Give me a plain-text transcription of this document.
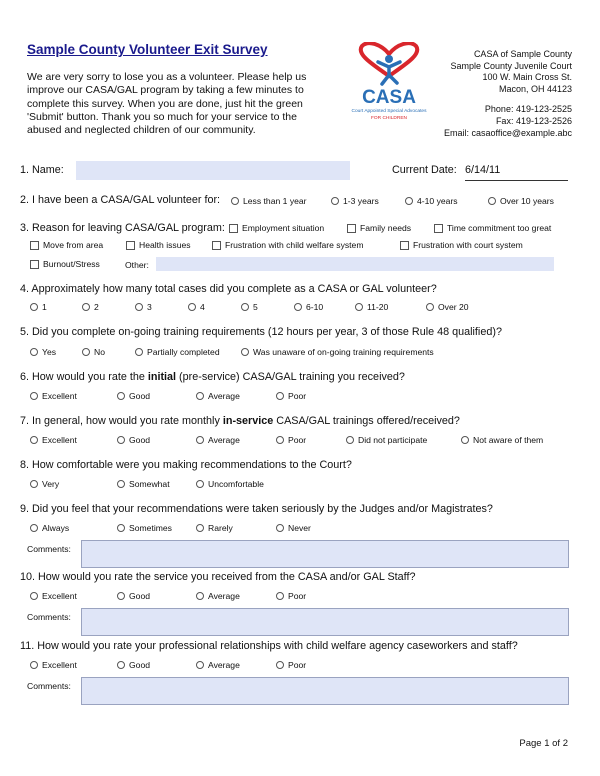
Sample County Volunteer Exit Survey
We are very sorry to lose you as a volunteer. Please help us improve our CASA/GAL program by taking a few minutes to complete this survey. When you are done, just hit the green 'Submit' button. Thank you so much for your service to the abused and neglected children of our community.
CASA
Court Appointed Special Advocates
FOR CHILDREN
CASA of Sample County
Sample County Juvenile Court
100 W. Main Cross St.
Macon, OH 44123
Phone: 419-123-2525
Fax: 419-123-2526
Email: casaoffice@example.abc
1. Name:	Current Date: 6/14/11
2. I have been a CASA/GAL volunteer for:	Less than 1 year	1-3 years	4-10 years	Over 10 years
3. Reason for leaving CASA/GAL program: Employment situation	Family needs	Time commitment too great
Move from area	Health issues	Frustration with child welfare system	Frustration with court system
Burnout/Stress	Other:
4. Approximately how many total cases did you complete as a CASA or GAL volunteer?
1	2	3	4	5	6-10	11-20	Over 20
5. Did you complete on-going training requirements (12 hours per year, 3 of those Rule 48 qualified)?
Yes	No	Partially completed	Was unaware of on-going training requirements
6. How would you rate the initial (pre-service) CASA/GAL training you received?
Excellent	Good	Average	Poor
7. In general, how would you rate monthly in-service CASA/GAL trainings offered/received?
Excellent	Good	Average	Poor	Did not participate	Not aware of them
8. How comfortable were you making recommendations to the Court?
Very	Somewhat	Uncomfortable
9. Did you feel that your recommendations were taken seriously by the Judges and/or Magistrates?
Always	Sometimes	Rarely	Never
Comments:
10. How would you rate the service you received from the CASA and/or GAL Staff?
Excellent	Good	Average	Poor
Comments:
11. How would you rate your professional relationships with child welfare agency caseworkers and staff?
Excellent	Good	Average	Poor
Comments:
Page 1 of 2
